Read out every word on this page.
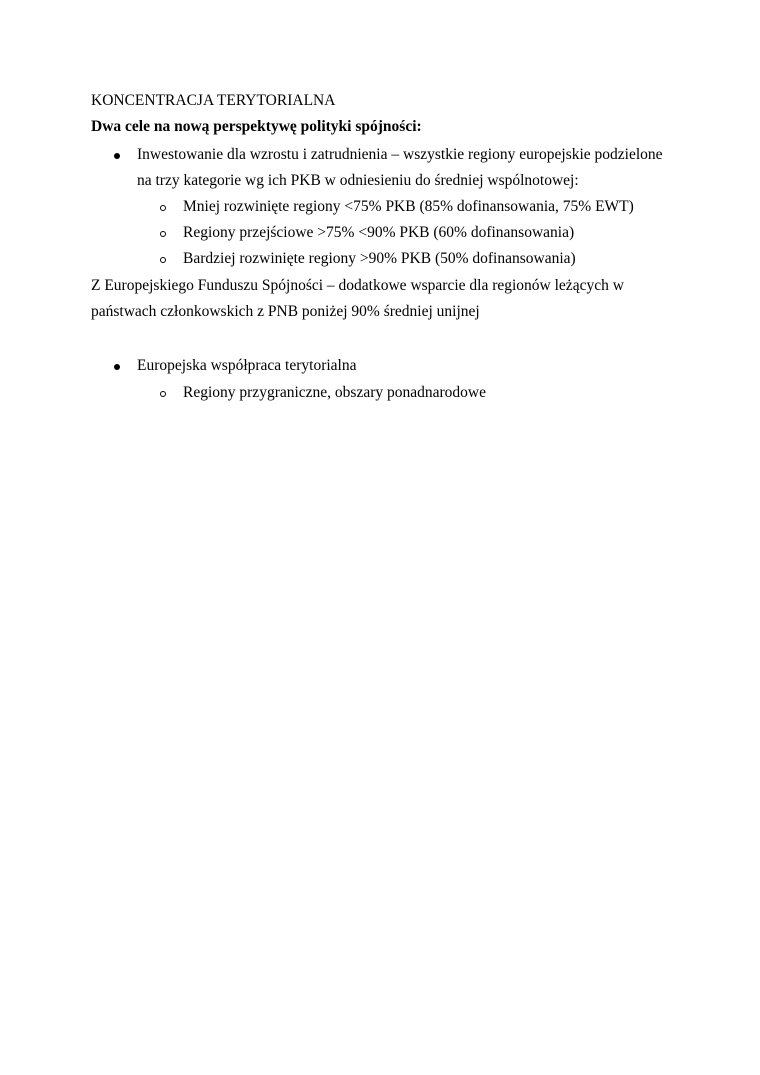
KONCENTRACJA TERYTORIALNA
Dwa cele na nową perspektywę polityki spójności:
Inwestowanie dla wzrostu i zatrudnienia – wszystkie regiony europejskie podzielone
na trzy kategorie wg ich PKB w odniesieniu do średniej wspólnotowej:
Mniej rozwinięte regiony <75% PKB (85% dofinansowania, 75% EWT)
Regiony przejściowe >75% <90% PKB (60% dofinansowania)
Bardziej rozwinięte regiony >90% PKB (50% dofinansowania)
Z Europejskiego Funduszu Spójności – dodatkowe wsparcie dla regionów leżących w
państwach członkowskich z PNB poniżej 90% średniej unijnej
Europejska współpraca terytorialna
Regiony przygraniczne, obszary ponadnarodowe
